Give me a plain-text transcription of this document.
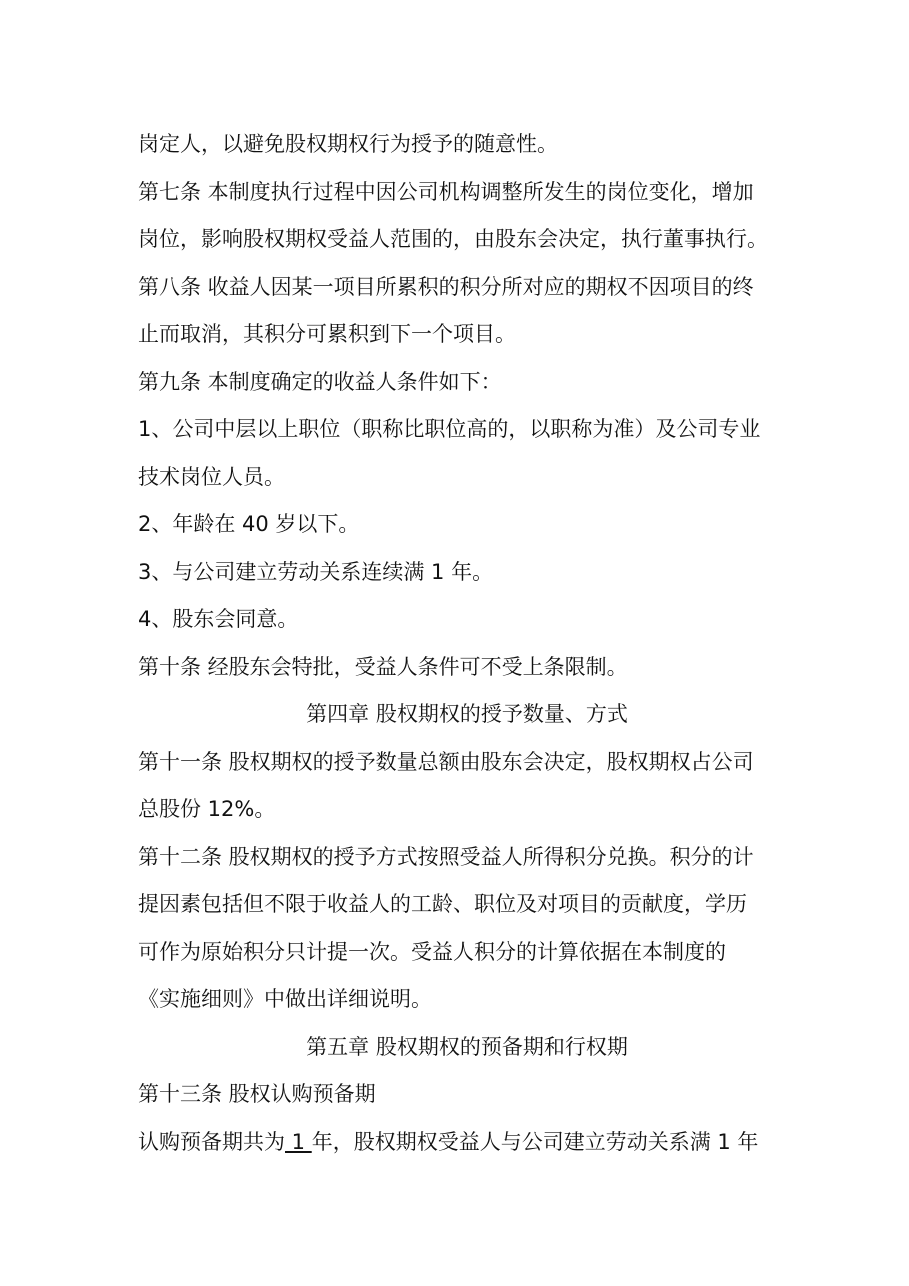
岗定人，以避免股权期权行为授予的随意性。
第七条 本制度执行过程中因公司机构调整所发生的岗位变化，增加
岗位，影响股权期权受益人范围的，由股东会决定，执行董事执行。
第八条 收益人因某一项目所累积的积分所对应的期权不因项目的终
止而取消，其积分可累积到下一个项目。
第九条 本制度确定的收益人条件如下：
1、公司中层以上职位（职称比职位高的，以职称为准）及公司专业
技术岗位人员。
2、年龄在 40 岁以下。
3、与公司建立劳动关系连续满 1 年。
4、股东会同意。
第十条 经股东会特批，受益人条件可不受上条限制。
第四章 股权期权的授予数量、方式
第十一条 股权期权的授予数量总额由股东会决定，股权期权占公司
总股份 12%。
第十二条 股权期权的授予方式按照受益人所得积分兑换。积分的计
提因素包括但不限于收益人的工龄、职位及对项目的贡献度，学历
可作为原始积分只计提一次。受益人积分的计算依据在本制度的
《实施细则》中做出详细说明。
第五章 股权期权的预备期和行权期
第十三条 股权认购预备期
认购预备期共为 1 年，股权期权受益人与公司建立劳动关系满 1 年
